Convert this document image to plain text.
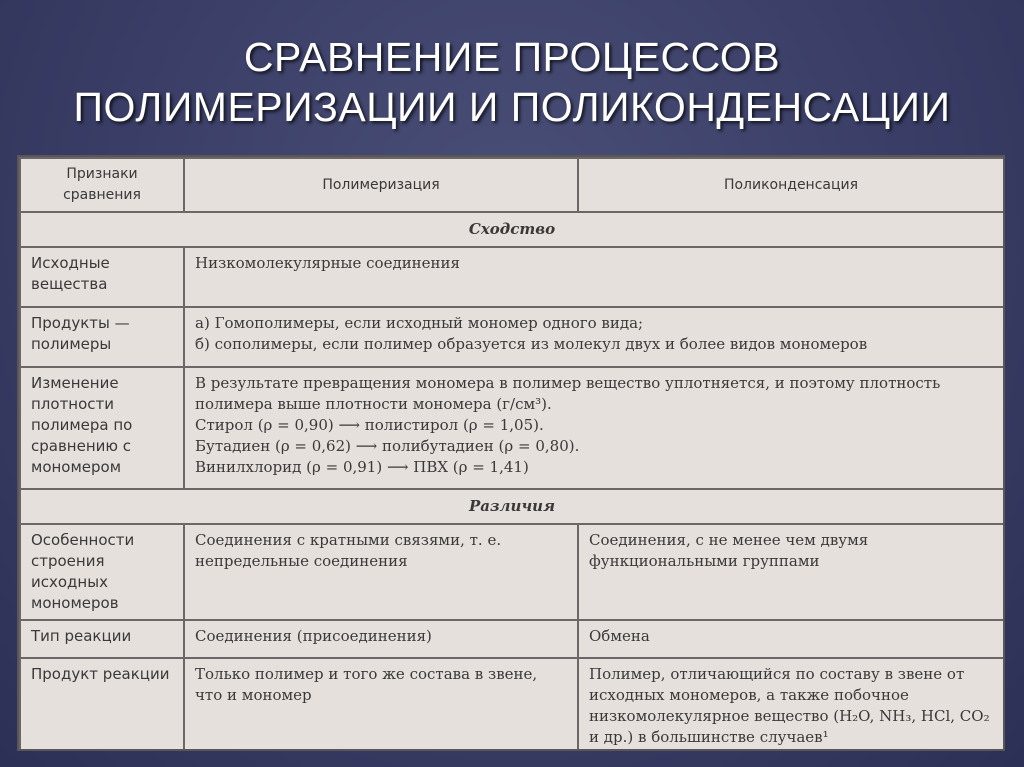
СРАВНЕНИЕ ПРОЦЕССОВ
ПОЛИМЕРИЗАЦИИ И ПОЛИКОНДЕНСАЦИИ
Признаки сравнения	Полимеризация	Поликонденсация
Сходство		
Исходные вещества	Низкомолекулярные соединения	
Продукты — полимеры	а) Гомополимеры, если исходный мономер одного вида;
б) сополимеры, если полимер образуется из молекул двух и более видов мономеров	

Изменение плотности полимера по сравнению с мономером	В результате превращения мономера в полимер вещество уплотняется, и поэтому плотность
полимера выше плотности мономера (г/см³).
Стирол (ρ = 0,90) ⟶ полистирол (ρ = 1,05).
Бутадиен (ρ = 0,62) ⟶ полибутадиен (ρ = 0,80).
Винилхлорид (ρ = 0,91) ⟶ ПВХ (ρ = 1,41)	

Различия		
Особенности строения исходных мономеров	Соединения с кратными связями, т. е. непредельные соединения	Соединения, с не менее чем двумя функциональными группами
Тип реакции	Соединения (присоединения)	Обмена
Продукт реакции	Только полимер и того же состава в звене, что и мономер	Полимер, отличающийся по составу в звене от исходных мономеров, а также побочное низкомолекулярное вещество (H₂O, NH₃, HCl, CO₂ и др.) в большинстве случаев¹
